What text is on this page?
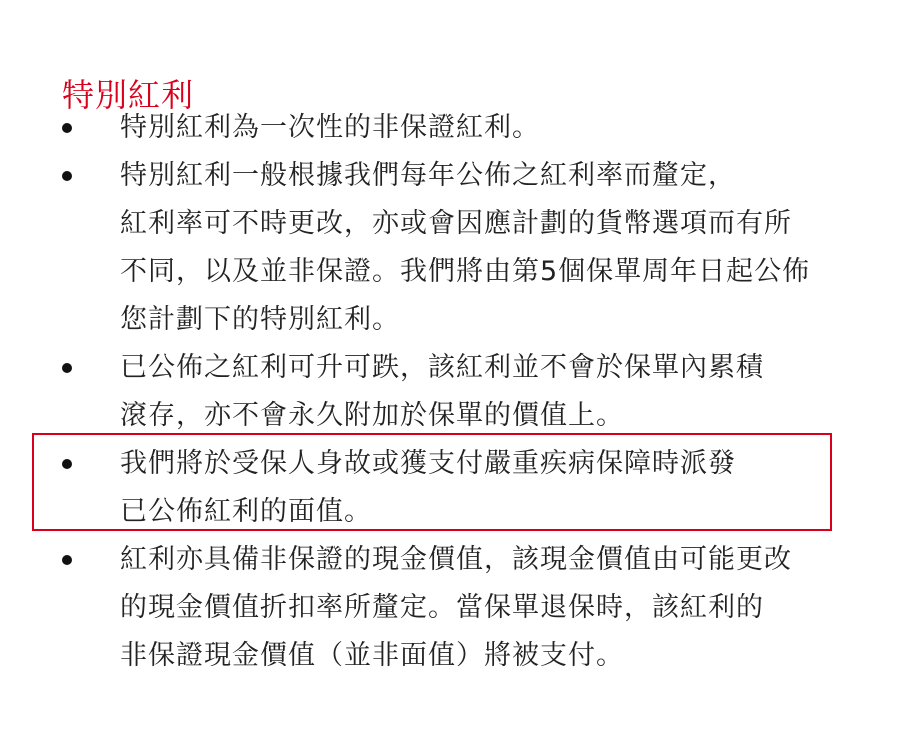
特別紅利
特別紅利為一次性的非保證紅利。
特別紅利一般根據我們每年公佈之紅利率而釐定，
紅利率可不時更改，亦或會因應計劃的貨幣選項而有所
不同，以及並非保證。我們將由第5個保單周年日起公佈
您計劃下的特別紅利。
已公佈之紅利可升可跌，該紅利並不會於保單內累積
滾存，亦不會永久附加於保單的價值上。
我們將於受保人身故或獲支付嚴重疾病保障時派發
已公佈紅利的面值。
紅利亦具備非保證的現金價值，該現金價值由可能更改
的現金價值折扣率所釐定。當保單退保時，該紅利的
非保證現金價值（並非面值）將被支付。
